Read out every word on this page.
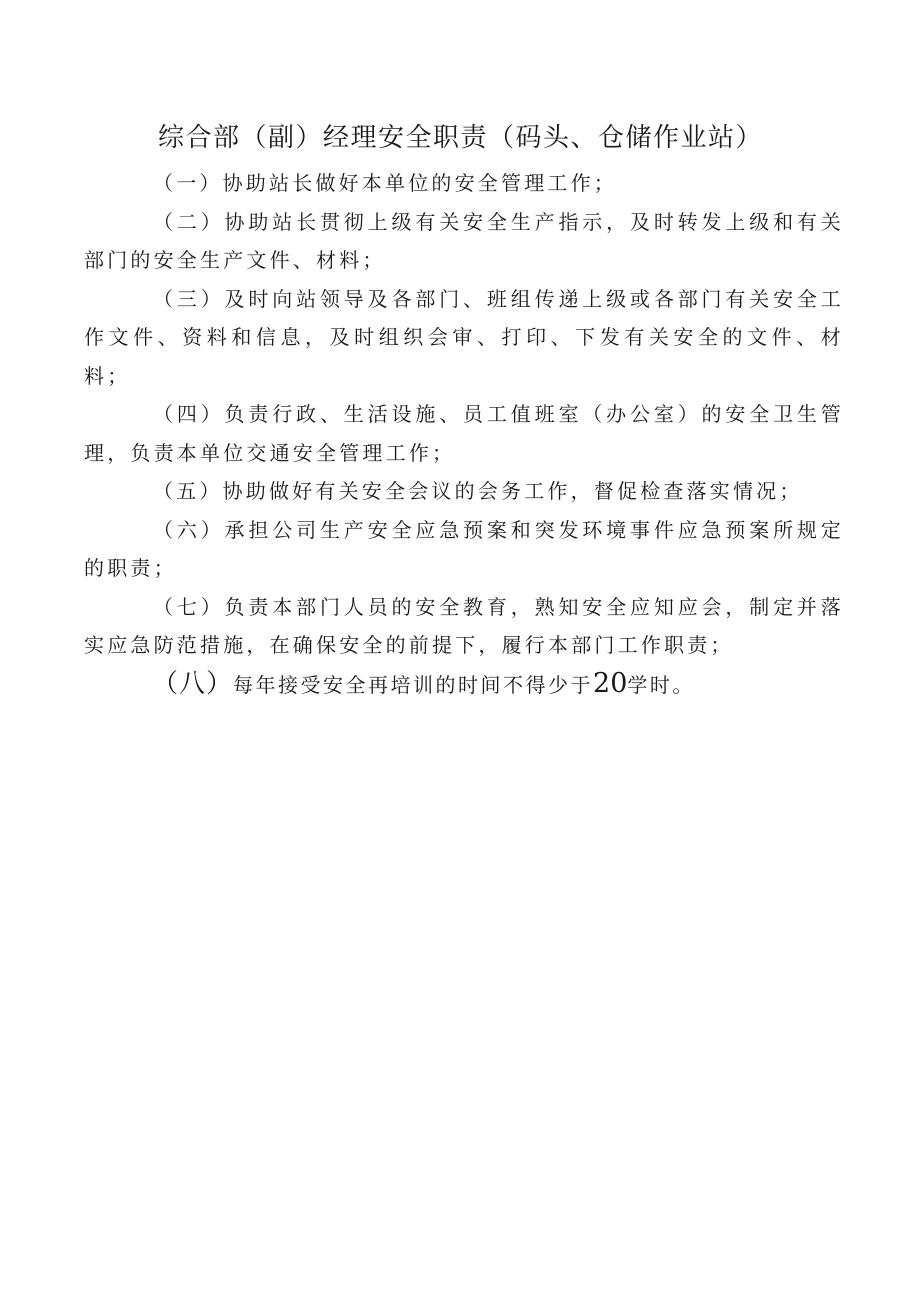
综合部（副）经理安全职责（码头、仓储作业站）

（一）协助站长做好本单位的安全管理工作；

（二）协助站长贯彻上级有关安全生产指示，及时转发上级和有关部门的安全生产文件、材料；

（三）及时向站领导及各部门、班组传递上级或各部门有关安全工作文件、资料和信息，及时组织会审、打印、下发有关安全的文件、材料；

（四）负责行政、生活设施、员工值班室（办公室）的安全卫生管理，负责本单位交通安全管理工作；

（五）协助做好有关安全会议的会务工作，督促检查落实情况；

（六）承担公司生产安全应急预案和突发环境事件应急预案所规定的职责；

（七）负责本部门人员的安全教育，熟知安全应知应会，制定并落实应急防范措施，在确保安全的前提下，履行本部门工作职责；

（八）每年接受安全再培训的时间不得少于20学时。
